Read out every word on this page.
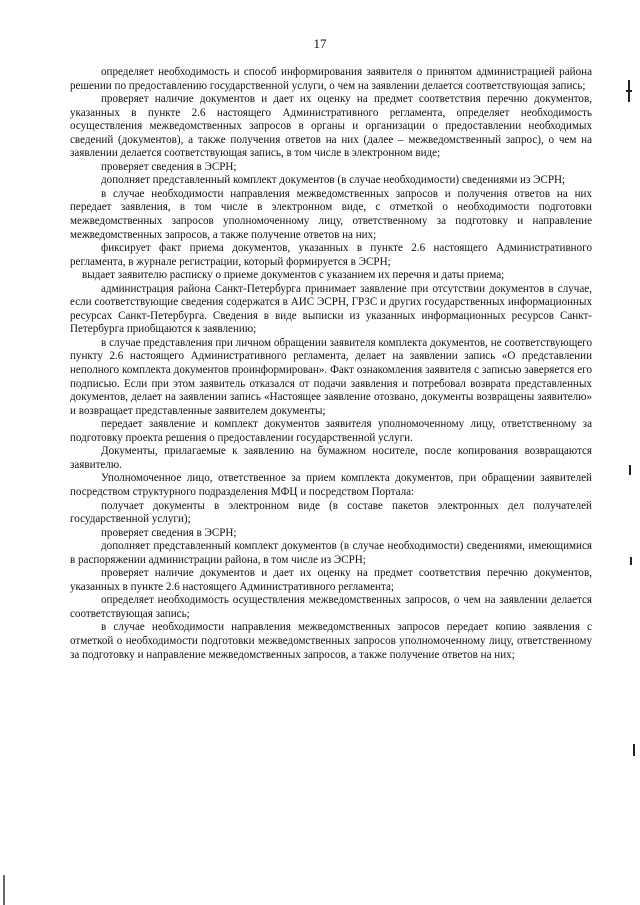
17

определяет необходимость и способ информирования заявителя о принятом администрацией района решении по предоставлению государственной услуги, о чем на заявлении делается соответствующая запись;

проверяет наличие документов и дает их оценку на предмет соответствия перечню документов, указанных в пункте 2.6 настоящего Административного регламента, определяет необходимость осуществления межведомственных запросов в органы и организации о предоставлении необходимых сведений (документов), а также получения ответов на них (далее – межведомственный запрос), о чем на заявлении делается соответствующая запись, в том числе в электронном виде;

проверяет сведения в ЭСРН;

дополняет представленный комплект документов (в случае необходимости) сведениями из ЭСРН;

в случае необходимости направления межведомственных запросов и получения ответов на них передает заявления, в том числе в электронном виде, с отметкой о необходимости подготовки межведомственных запросов уполномоченному лицу, ответственному за подготовку и направление межведомственных запросов, а также получение ответов на них;

фиксирует факт приема документов, указанных в пункте 2.6 настоящего Административного регламента, в журнале регистрации, который формируется в ЭСРН;

выдает заявителю расписку о приеме документов с указанием их перечня и даты приема;

администрация района Санкт-Петербурга принимает заявление при отсутствии документов в случае, если соответствующие сведения содержатся в АИС ЭСРН, ГРЗС и других государственных информационных ресурсах Санкт-Петербурга. Сведения в виде выписки из указанных информационных ресурсов Санкт-Петербурга приобщаются к заявлению;

в случае представления при личном обращении заявителя комплекта документов, не соответствующего пункту 2.6 настоящего Административного регламента, делает на заявлении запись «О представлении неполного комплекта документов проинформирован». Факт ознакомления заявителя с записью заверяется его подписью. Если при этом заявитель отказался от подачи заявления и потребовал возврата представленных документов, делает на заявлении запись «Настоящее заявление отозвано, документы возвращены заявителю» и возвращает представленные заявителем документы;

передает заявление и комплект документов заявителя уполномоченному лицу, ответственному за подготовку проекта решения о предоставлении государственной услуги.

Документы, прилагаемые к заявлению на бумажном носителе, после копирования возвращаются заявителю.

Уполномоченное лицо, ответственное за прием комплекта документов, при обращении заявителей посредством структурного подразделения МФЦ и посредством Портала:

получает документы в электронном виде (в составе пакетов электронных дел получателей государственной услуги);

проверяет сведения в ЭСРН;

дополняет представленный комплект документов (в случае необходимости) сведениями, имеющимися в распоряжении администрации района, в том числе из ЭСРН;

проверяет наличие документов и дает их оценку на предмет соответствия перечню документов, указанных в пункте 2.6 настоящего Административного регламента;

определяет необходимость осуществления межведомственных запросов, о чем на заявлении делается соответствующая запись;

в случае необходимости направления межведомственных запросов передает копию заявления с отметкой о необходимости подготовки межведомственных запросов уполномоченному лицу, ответственному за подготовку и направление межведомственных запросов, а также получение ответов на них;
